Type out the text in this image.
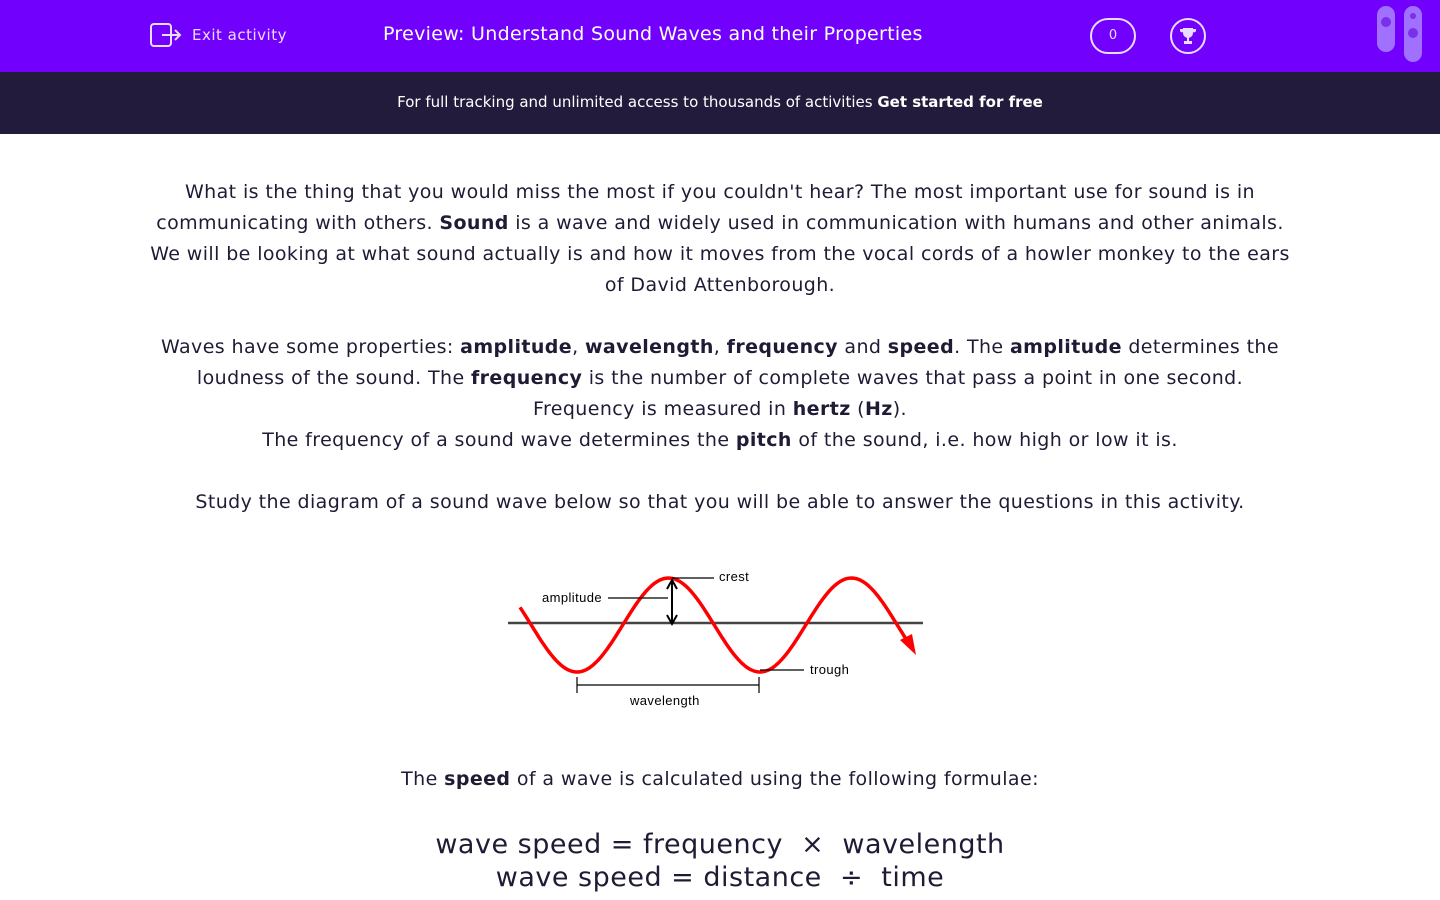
Exit activity	Preview: Understand Sound Waves and their Properties	0
For full tracking and unlimited access to thousands of activities Get started for free

What is the thing that you would miss the most if you couldn't hear? The most important use for sound is in communicating with others. Sound is a wave and widely used in communication with humans and other animals. We will be looking at what sound actually is and how it moves from the vocal cords of a howler monkey to the ears of David Attenborough.

Waves have some properties: amplitude, wavelength, frequency and speed. The amplitude determines the loudness of the sound. The frequency is the number of complete waves that pass a point in one second. Frequency is measured in hertz (Hz).

The frequency of a sound wave determines the pitch of the sound, i.e. how high or low it is.

Study the diagram of a sound wave below so that you will be able to answer the questions in this activity.

crest
amplitude
trough
wavelength

The speed of a wave is calculated using the following formulae:

wave speed = frequency  ×  wavelength
wave speed = distance  ÷  time
